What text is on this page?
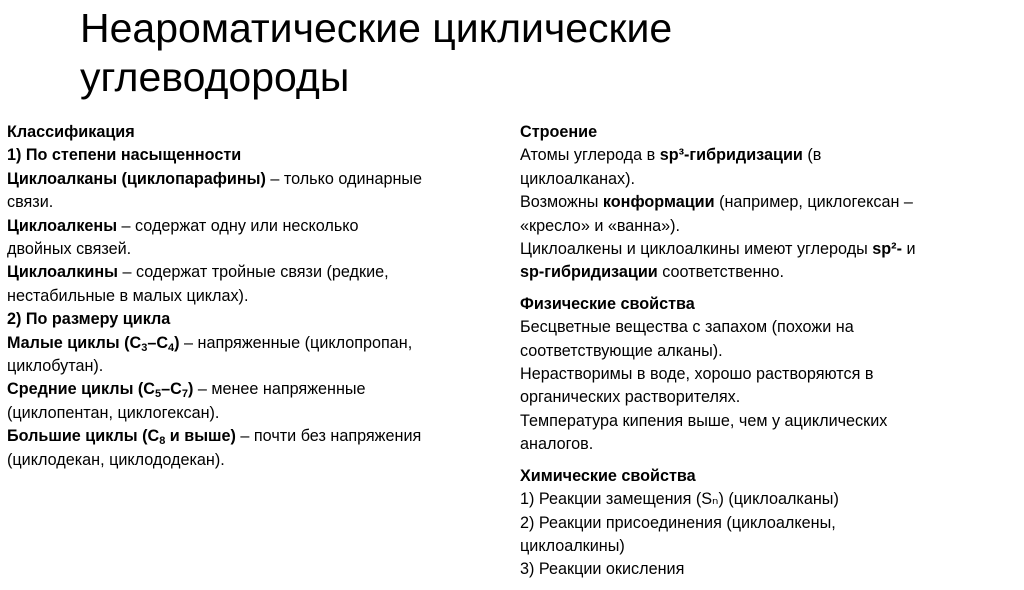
Неароматические циклические
углеводороды
Классификация
1) По степени насыщенности
Циклоалканы (циклопарафины) – только одинарные
связи.
Циклоалкены – содержат одну или несколько
двойных связей.
Циклоалкины – содержат тройные связи (редкие,
нестабильные в малых циклах).
2) По размеру цикла
Малые циклы $(C_3-C_4)$ – напряженные (циклопропан,
циклобутан).
Средние циклы $(C_5-C_7)$ – менее напряженные
(циклопентан, циклогексан).
Большие циклы ($C_8$ и выше) – почти без напряжения
(циклодекан, циклододекан).
Строение
Атомы углерода в sp³-гибридизации (в
циклоалканах).
Возможны конформации (например, циклогексан –
«кресло» и «ванна»).
Циклоалкены и циклоалкины имеют углероды sp²- и
sp-гибридизации соответственно.
Физические свойства
Бесцветные вещества с запахом (похожи на
соответствующие алканы).
Нерастворимы в воде, хорошо растворяются в
органических растворителях.
Температура кипения выше, чем у ациклических
аналогов.
Химические свойства
1) Реакции замещения (Sₙ) (циклоалканы)
2) Реакции присоединения (циклоалкены,
циклоалкины)
3) Реакции окисления
